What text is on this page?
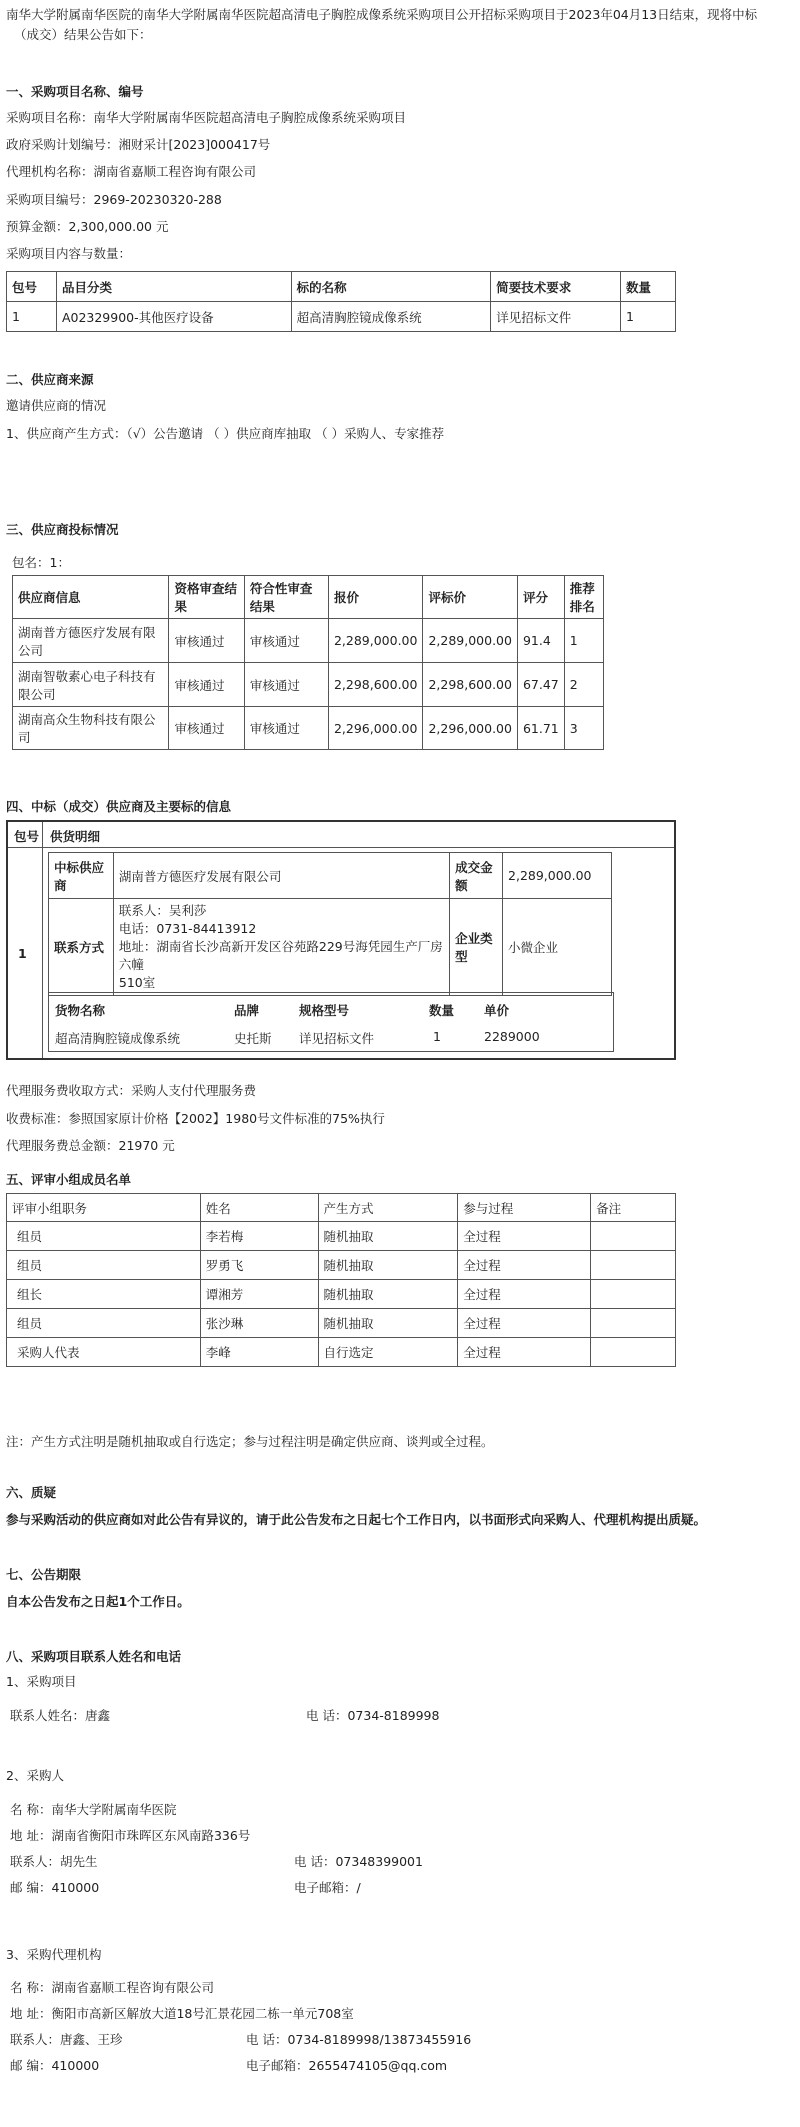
南华大学附属南华医院的南华大学附属南华医院超高清电子胸腔成像系统采购项目公开招标采购项目于2023年04月13日结束，现将中标
（成交）结果公告如下：
一、采购项目名称、编号
采购项目名称：南华大学附属南华医院超高清电子胸腔成像系统采购项目
政府采购计划编号：湘财采计[2023]000417号
代理机构名称：湖南省嘉顺工程咨询有限公司
采购项目编号：2969-20230320-288
预算金额：2,300,000.00 元
采购项目内容与数量：
包号	品目分类	标的名称	简要技术要求	数量
1	A02329900-其他医疗设备	超高清胸腔镜成像系统	详见招标文件	1
二、供应商来源
邀请供应商的情况
1、供应商产生方式：（√）公告邀请 （ ）供应商库抽取 （ ）采购人、专家推荐
三、供应商投标情况
包名：1：
供应商信息	资格审查结果	符合性审查结果	报价	评标价	评分	推荐排名
湖南普方德医疗发展有限公司	审核通过	审核通过	2,289,000.00	2,289,000.00	91.4	1
湖南智敬素心电子科技有限公司	审核通过	审核通过	2,298,600.00	2,298,600.00	67.47	2
湖南高众生物科技有限公司	审核通过	审核通过	2,296,000.00	2,296,000.00	61.71	3
四、中标（成交）供应商及主要标的信息
包号 供货明细
1
中标供应商	湖南普方德医疗发展有限公司	成交金额	2,289,000.00
联系方式	联系人：吴利莎
电话：0731-84413912
地址：湖南省长沙高新开发区谷苑路229号海凭园生产厂房六幢
510室	企业类型	小微企业
货物名称	品牌	规格型号	数量 单价
超高清胸腔镜成像系统	史托斯 详见招标文件	1	2289000
代理服务费收取方式：采购人支付代理服务费
收费标准：参照国家原计价格【2002】1980号文件标准的75%执行
代理服务费总金额：21970 元
五、评审小组成员名单
评审小组职务	姓名	产生方式	参与过程	备注
组员	李若梅	随机抽取	全过程	
组员	罗勇飞	随机抽取	全过程	
组长	谭湘芳	随机抽取	全过程	
组员	张沙琳	随机抽取	全过程	
采购人代表	李峰	自行选定	全过程	
注：产生方式注明是随机抽取或自行选定；参与过程注明是确定供应商、谈判或全过程。
六、质疑
参与采购活动的供应商如对此公告有异议的，请于此公告发布之日起七个工作日内，以书面形式向采购人、代理机构提出质疑。
七、公告期限
自本公告发布之日起1个工作日。
八、采购项目联系人姓名和电话
1、采购项目
联系人姓名：唐鑫	电 话：0734-8189998
2、采购人
名 称：南华大学附属南华医院
地 址：湖南省衡阳市珠晖区东风南路336号
联系人：胡先生	电 话：07348399001
邮 编：410000	电子邮箱：/
3、采购代理机构
名 称：湖南省嘉顺工程咨询有限公司
地 址：衡阳市高新区解放大道18号汇景花园二栋一单元708室
联系人：唐鑫、王珍	电 话：0734-8189998/13873455916
邮 编：410000	电子邮箱：2655474105@qq.com
